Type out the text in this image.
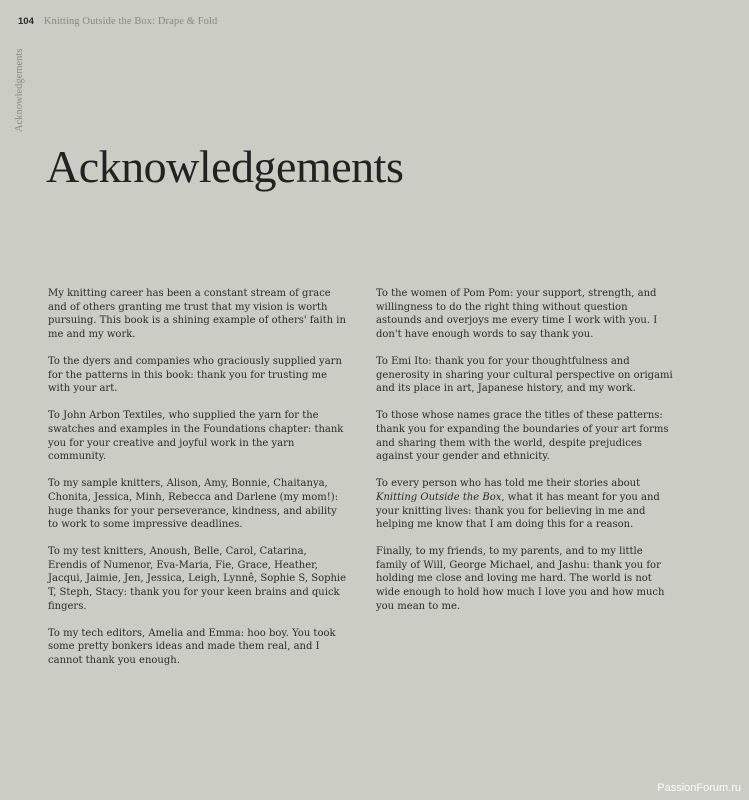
104 Knitting Outside the Box: Drape & Fold
Acknowledgements
Acknowledgements

My knitting career has been a constant stream of grace and of others granting me trust that my vision is worth pursuing. This book is a shining example of others' faith in me and my work.

To the dyers and companies who graciously supplied yarn for the patterns in this book: thank you for trusting me with your art.

To John Arbon Textiles, who supplied the yarn for the swatches and examples in the Foundations chapter: thank you for your creative and joyful work in the yarn community.

To my sample knitters, Alison, Amy, Bonnie, Chaitanya, Chonita, Jessica, Minh, Rebecca and Darlene (my mom!): huge thanks for your perseverance, kindness, and ability to work to some impressive deadlines.

To my test knitters, Anoush, Belle, Carol, Catarina, Erendis of Numenor, Eva-Maria, Fie, Grace, Heather, Jacqui, Jaimie, Jen, Jessica, Leigh, Lynnê, Sophie S, Sophie T, Steph, Stacy: thank you for your keen brains and quick fingers.

To my tech editors, Amelia and Emma: hoo boy. You took some pretty bonkers ideas and made them real, and I cannot thank you enough.

To the women of Pom Pom: your support, strength, and willingness to do the right thing without question astounds and overjoys me every time I work with you. I don't have enough words to say thank you.

To Emi Ito: thank you for your thoughtfulness and generosity in sharing your cultural perspective on origami and its place in art, Japanese history, and my work.

To those whose names grace the titles of these patterns: thank you for expanding the boundaries of your art forms and sharing them with the world, despite prejudices against your gender and ethnicity.

To every person who has told me their stories about Knitting Outside the Box, what it has meant for you and your knitting lives: thank you for believing in me and helping me know that I am doing this for a reason.

Finally, to my friends, to my parents, and to my little family of Will, George Michael, and Jashu: thank you for holding me close and loving me hard. The world is not wide enough to hold how much I love you and how much you mean to me.

PassionForum.ru
